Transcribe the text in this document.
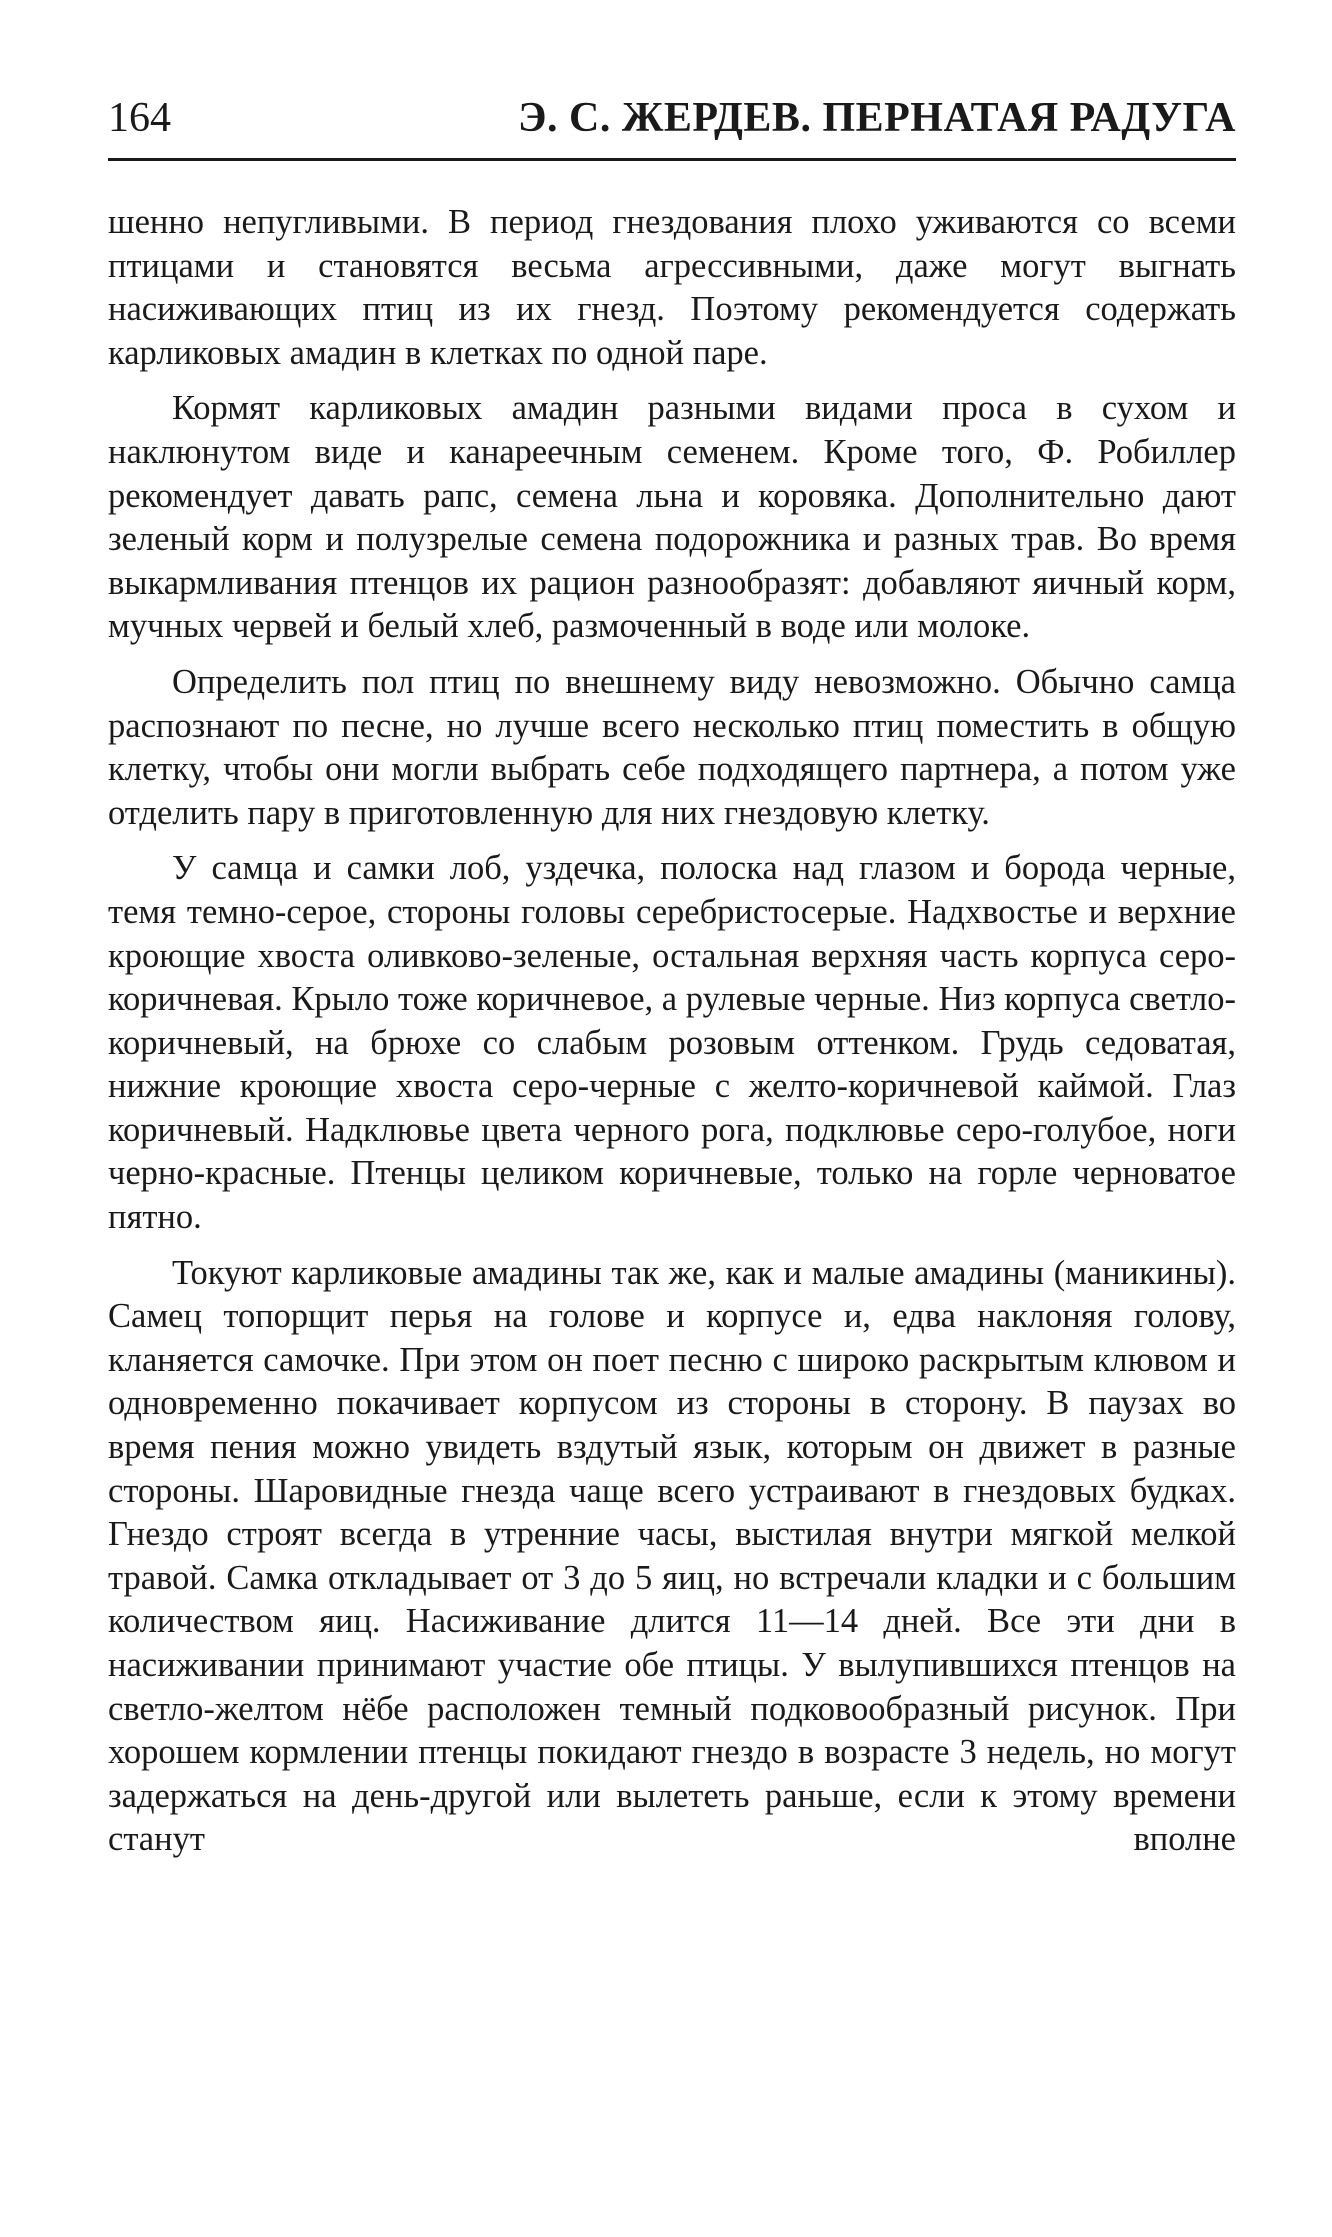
164	Э. С. ЖЕРДЕВ. ПЕРНАТАЯ РАДУГА

шенно непугливыми. В период гнездования плохо уживаются со всеми птицами и становятся весьма агрессивными, даже могут выгнать насиживающих птиц из их гнезд. Поэтому рекомендуется содержать карликовых амадин в клетках по одной паре.

Кормят карликовых амадин разными видами проса в сухом и наклюнутом виде и канареечным семенем. Кроме того, Ф. Робиллер рекомендует давать рапс, семена льна и коровяка. Дополнительно дают зеленый корм и полузрелые семена подорожника и разных трав. Во время выкармливания птенцов их рацион разнообразят: добавляют яичный корм, мучных червей и белый хлеб, размоченный в воде или молоке.

Определить пол птиц по внешнему виду невозможно. Обычно самца распознают по песне, но лучше всего несколько птиц поместить в общую клетку, чтобы они могли выбрать себе подходящего партнера, а потом уже отделить пару в приготовленную для них гнездовую клетку.

У самца и самки лоб, уздечка, полоска над глазом и борода черные, темя темно-серое, стороны головы серебристосерые. Надхвостье и верхние кроющие хвоста оливково-зеленые, остальная верхняя часть корпуса серо-коричневая. Крыло тоже коричневое, а рулевые черные. Низ корпуса светло-коричневый, на брюхе со слабым розовым оттенком. Грудь седоватая, нижние кроющие хвоста серо-черные с желто-коричневой каймой. Глаз коричневый. Надклювье цвета черного рога, подклювье серо-голубое, ноги черно-красные. Птенцы целиком коричневые, только на горле черноватое пятно.

Токуют карликовые амадины так же, как и малые амадины (маникины). Самец топорщит перья на голове и корпусе и, едва наклоняя голову, кланяется самочке. При этом он поет песню с широко раскрытым клювом и одновременно покачивает корпусом из стороны в сторону. В паузах во время пения можно увидеть вздутый язык, которым он движет в разные стороны. Шаровидные гнезда чаще всего устраивают в гнездовых будках. Гнездо строят всегда в утренние часы, выстилая внутри мягкой мелкой травой. Самка откладывает от 3 до 5 яиц, но встречали кладки и с большим количеством яиц. Насиживание длится 11—14 дней. Все эти дни в насиживании принимают участие обе птицы. У вылупившихся птенцов на светло-желтом нёбе расположен темный подковообразный рисунок. При хорошем кормлении птенцы покидают гнездо в возрасте 3 недель, но могут задержаться на день-другой или вылететь раньше, если к этому времени станут вполне
